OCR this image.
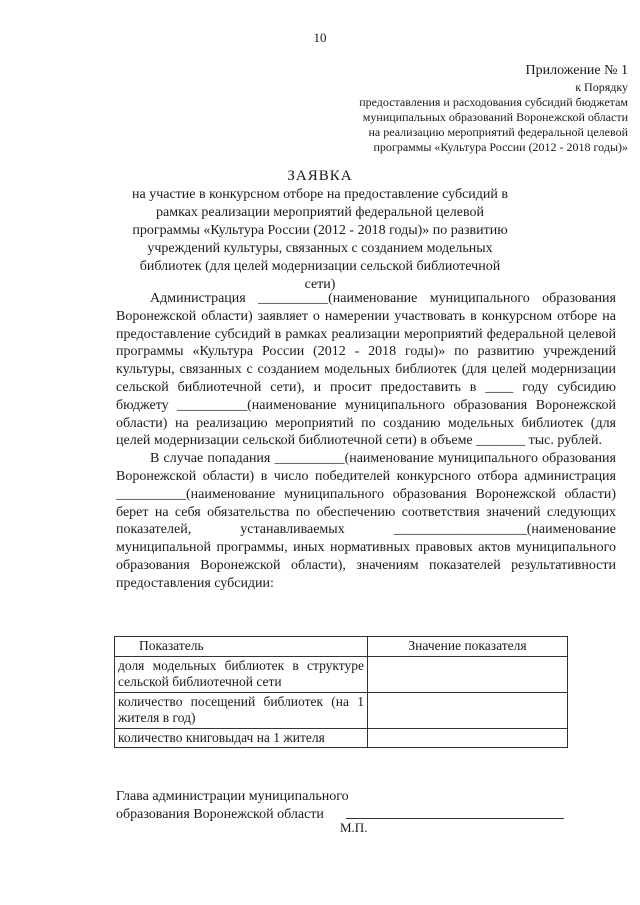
10
Приложение № 1
к Порядку
предоставления и расходования субсидий бюджетам
муниципальных образований Воронежской области
на реализацию мероприятий федеральной целевой
программы «Культура России (2012 - 2018 годы)»
ЗАЯВКА
на участие в конкурсном отборе на предоставление субсидий в рамках реализации мероприятий федеральной целевой программы «Культура России (2012 - 2018 годы)» по развитию учреждений культуры, связанных с созданием модельных библиотек (для целей модернизации сельской библиотечной сети)

Администрация __________(наименование муниципального образования Воронежской области) заявляет о намерении участвовать в конкурсном отборе на предоставление субсидий в рамках реализации мероприятий федеральной целевой программы «Культура России (2012 - 2018 годы)» по развитию учреждений культуры, связанных с созданием модельных библиотек (для целей модернизации сельской библиотечной сети), и просит предоставить в ____ году субсидию бюджету __________(наименование муниципального образования Воронежской области) на реализацию мероприятий по созданию модельных библиотек (для целей модернизации сельской библиотечной сети) в объеме _______ тыс. рублей.

В случае попадания __________(наименование муниципального образования Воронежской области) в число победителей конкурсного отбора администрация __________(наименование муниципального образования Воронежской области) берет на себя обязательства по обеспечению соответствия значений следующих показателей, устанавливаемых ___________________(наименование муниципальной программы, иных нормативных правовых актов муниципального образования Воронежской области), значениям показателей результативности предоставления субсидии:

Показатель	Значение показателя
доля модельных библиотек в структуре сельской библиотечной сети	
количество посещений библиотек (на 1 жителя в год)	
количество книговыдач на 1 жителя	
Глава администрации муниципального
образования Воронежской области
М.П.
